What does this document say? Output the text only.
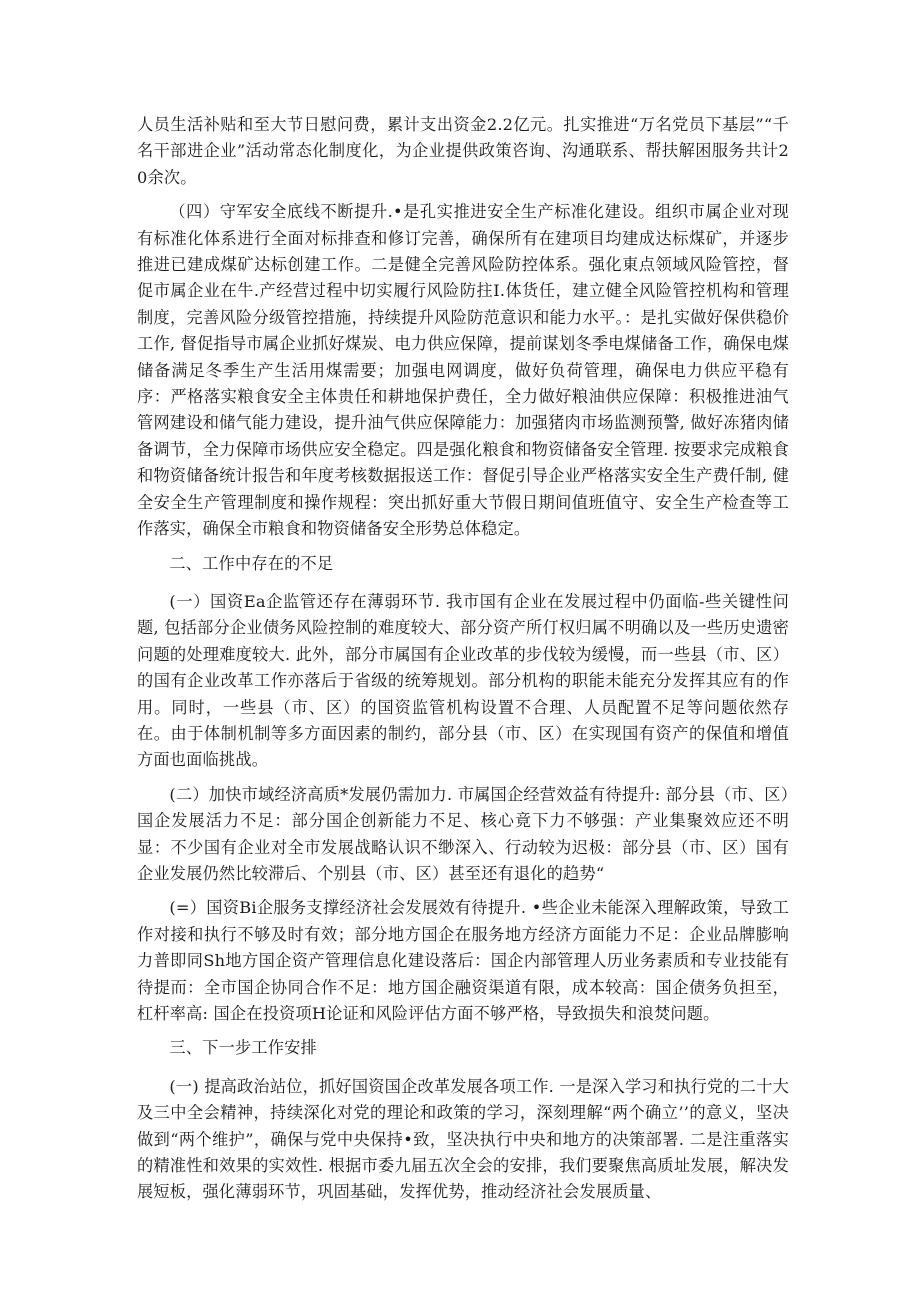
人员生活补贴和至大节日慰问费，累计支出资金2.2亿元。扎实推进“万名党员下基层”“千名干部进企业”活动常态化制度化，为企业提供政策咨询、沟通联系、帮扶解困服务共计20余次。

（四）守军安全底线不断提升.•是孔实推进安全生产标准化建设。组织市属企业对现有标准化体系进行全面对标排查和修订完善，确保所有在建项目均建成达标煤矿，并逐步推进已建成煤矿达标创建工作。二是健全完善风险防控体系。强化東点领域风险管控，督促市属企业在牛.产经营过程中切实履行风险防拄I.体货任，建立健全风险管控机构和管理制度，完善风险分级管控措施，持续提升风险防范意识和能力水平。：是扎实做好保供稳价工作, 督促指导市属企业抓好煤炭、电力供应保障，提前谋划冬季电煤储备工作，确保电煤储备满足冬季生产生活用煤需要；加强电网调度，做好负荷管理，确保电力供应平稳有序：严格落实粮食安全主体贵任和耕地保护费任，全力做好粮油供应保障：积极推进油气管网建设和储气能力建设，提升油气供应保障能力：加强猪肉市场监测预警, 做好冻猪肉储备调节，全力保障市场供应安全稳定。四是强化粮食和物资储备安全管理. 按要求完成粮食和物资储备统计报告和年度考核数据报送工作：督促引导企业严格落实安全生产费仟制, 健全安全生产管理制度和操作规程：突出抓好重大节假日期间值班值守、安全生产检查等工作落实，确保全市粮食和物资储备安全形势总体稳定。

二、工作中存在的不足

(一）国资Ea企监管还存在薄弱环节. 我市国有企业在发展过程中仍面临-些关键性问题, 包括部分企业债务风险控制的难度较大、部分资产所仃权归属不明确以及一些历史遗密问题的处理难度较大. 此外，部分市属国有企业改革的步伐较为缓慢，而一些县（市、区）的国有企业改革工作亦落后于省级的统筹规划。部分机构的职能未能充分发挥其应有的作用。同时，一些县（市、区）的国资监管机构设置不合理、人员配置不足等问题依然存在。由于体制机制等多方面因素的制约，部分县（市、区）在实现国有资产的保值和增值方面也面临挑战。

(二）加快市域经济高质*发展仍需加力. 市属国企经营效益有待提升: 部分县（市、区）国企发展活力不足：部分国企创新能力不足、核心竟下力不够强：产业集聚效应还不明显：不少国有企业对全市发展战略认识不缈深入、行动较为迟极：部分县（市、区）国有企业发展仍然比较滞后、个别县（市、区）甚至还有退化的趋势“

(=）国资Bi企服务支撑经济社会发展效有待提升. •些企业未能深入理解政策，导致工作对接和执行不够及时有效；部分地方国企在服务地方经济方面能力不足：企业品牌膨响力普即同Sh地方国企资产管理信息化建设落后：国企内部管理人历业务素质和专业技能有待提而：全市国企协同合作不足：地方国企融资渠道有限，成本较高：国企债务负担至，杠杆率高: 国企在投资项H论证和风险评估方面不够严格，导致损失和浪焚问题。

三、下一步工作安排

(一) 提高政治站位，抓好国资国企改革发展各项工作. 一是深入学习和执行党的二十大及三中全会精神，持续深化对党的理论和政策的学习，深刻理解“两个确立’’的意义，坚决做到“两个维护”，确保与党中央保持•致，坚决执行中央和地方的决策部署. 二是注重落实的精准性和效果的实效性. 根据市委九届五次全会的安排，我们要聚焦高质址发展，解决发展短板，强化薄弱环节，巩固基础，发挥优势，推动经济社会发展质量、
